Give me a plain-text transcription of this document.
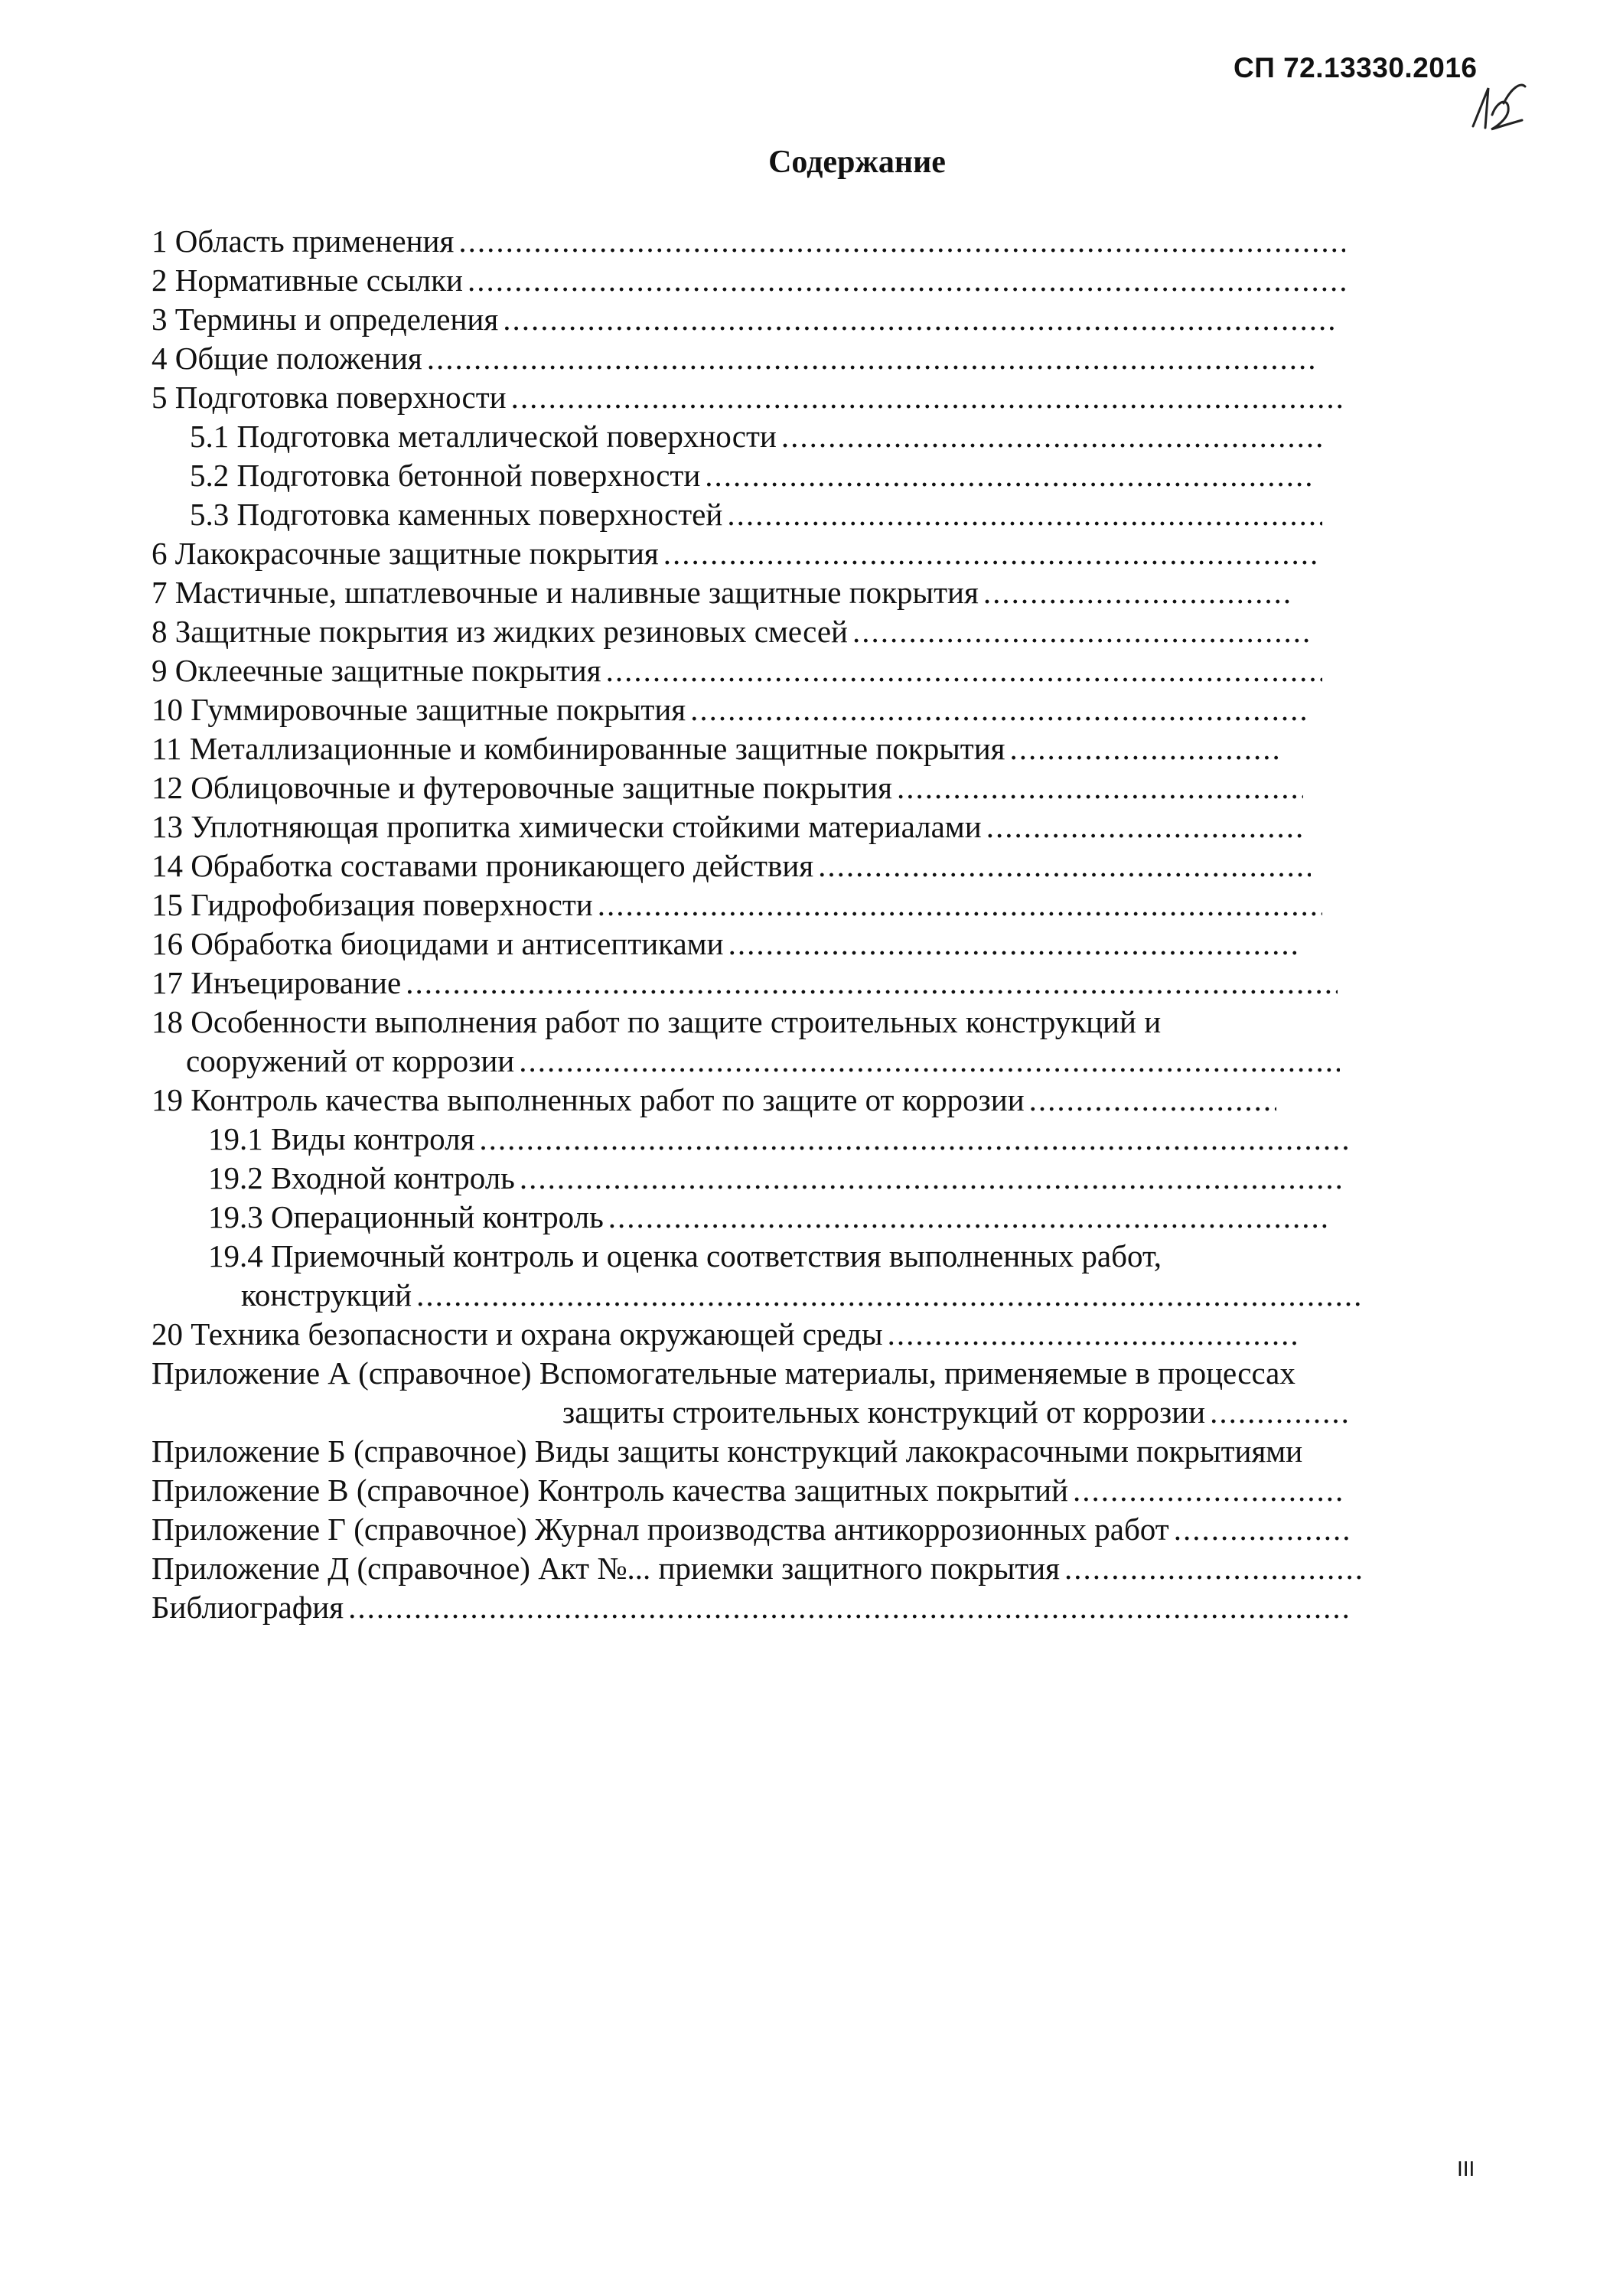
СП 72.13330.2016
Содержание
1 Область применения
.....
2 Нормативные ссылки
.....
3 Термины и определения
.....
4 Общие положения
.....
5 Подготовка поверхности
.....
5.1 Подготовка металлической поверхности
.....
5.2 Подготовка бетонной поверхности
.....
5.3 Подготовка каменных поверхностей
.....
6 Лакокрасочные защитные покрытия
.....
7 Мастичные, шпатлевочные и наливные защитные покрытия
.....
8 Защитные покрытия из жидких резиновых смесей
.....
9 Оклеечные защитные покрытия
.....
10 Гуммировочные защитные покрытия
.....
11 Металлизационные и комбинированные защитные покрытия
.....
12 Облицовочные и футеровочные защитные покрытия
.....
13 Уплотняющая пропитка химически стойкими материалами
.....
14 Обработка составами проникающего действия
.....
15 Гидрофобизация поверхности
.....
16 Обработка биоцидами и антисептиками
.....
17 Инъецирование
.....
18 Особенности выполнения работ по защите строительных конструкций и
сооружений от коррозии
.....
19 Контроль качества выполненных работ по защите от коррозии
.....
19.1 Виды контроля
.....
19.2 Входной контроль
.....
19.3 Операционный контроль
.....
19.4 Приемочный контроль и оценка соответствия выполненных работ,
конструкций
.....
20 Техника безопасности и охрана окружающей среды
.....
Приложение А (справочное) Вспомогательные материалы, применяемые в процессах
защиты строительных конструкций от коррозии
.....
Приложение Б (справочное) Виды защиты конструкций лакокрасочными покрытиями
Приложение В (справочное) Контроль качества защитных покрытий
.....
Приложение Г (справочное) Журнал производства антикоррозионных работ
.....
Приложение Д (справочное) Акт №... приемки защитного покрытия
.....
Библиография
.....
III
